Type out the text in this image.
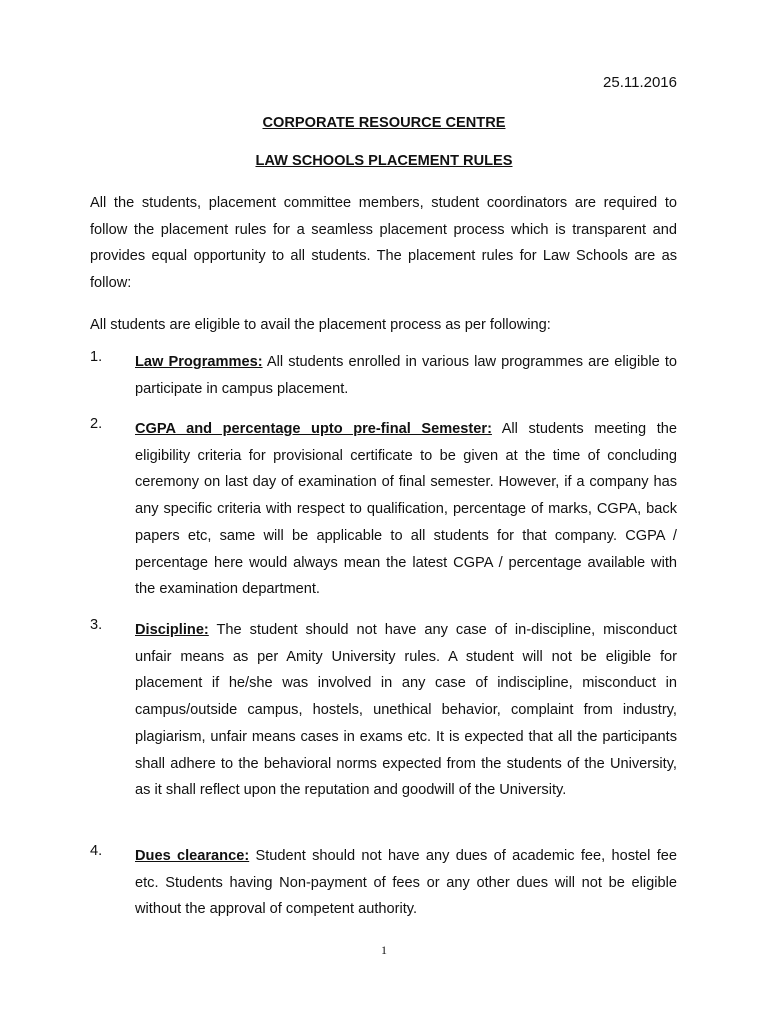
25.11.2016
CORPORATE RESOURCE CENTRE
LAW SCHOOLS PLACEMENT RULES

All the students, placement committee members, student coordinators are required to follow the placement rules for a seamless placement process which is transparent and provides equal opportunity to all students. The placement rules for Law Schools are as follow:

All students are eligible to avail the placement process as per following:

1. Law Programmes: All students enrolled in various law programmes are eligible to participate in campus placement.
2. CGPA and percentage upto pre-final Semester: All students meeting the eligibility criteria for provisional certificate to be given at the time of concluding ceremony on last day of examination of final semester. However, if a company has any specific criteria with respect to qualification, percentage of marks, CGPA, back papers etc, same will be applicable to all students for that company. CGPA / percentage here would always mean the latest CGPA / percentage available with the examination department.
3. Discipline: The student should not have any case of in-discipline, misconduct unfair means as per Amity University rules. A student will not be eligible for placement if he/she was involved in any case of indiscipline, misconduct in campus/outside campus, hostels, unethical behavior, complaint from industry, plagiarism, unfair means cases in exams etc. It is expected that all the participants shall adhere to the behavioral norms expected from the students of the University, as it shall reflect upon the reputation and goodwill of the University.
4. Dues clearance: Student should not have any dues of academic fee, hostel fee etc. Students having Non-payment of fees or any other dues will not be eligible without the approval of competent authority.
1
